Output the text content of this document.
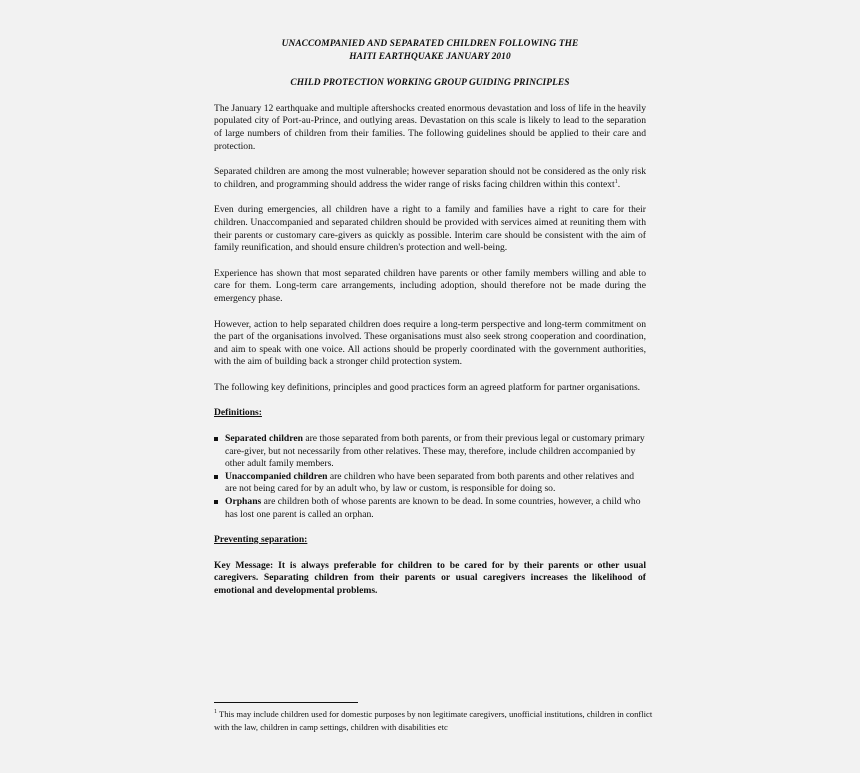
UNACCOMPANIED AND SEPARATED CHILDREN FOLLOWING THE
HAITI EARTHQUAKE JANUARY 2010
CHILD PROTECTION WORKING GROUP GUIDING PRINCIPLES

The January 12 earthquake and multiple aftershocks created enormous devastation and loss of life in the heavily populated city of Port-au-Prince, and outlying areas. Devastation on this scale is likely to lead to the separation of large numbers of children from their families. The following guidelines should be applied to their care and protection.

Separated children are among the most vulnerable; however separation should not be considered as the only risk to children, and programming should address the wider range of risks facing children within this context$^1$.

Even during emergencies, all children have a right to a family and families have a right to care for their children. Unaccompanied and separated children should be provided with services aimed at reuniting them with their parents or customary care-givers as quickly as possible. Interim care should be consistent with the aim of family reunification, and should ensure children's protection and well-being.

Experience has shown that most separated children have parents or other family members willing and able to care for them. Long-term care arrangements, including adoption, should therefore not be made during the emergency phase.

However, action to help separated children does require a long-term perspective and long-term commitment on the part of the organisations involved. These organisations must also seek strong cooperation and coordination, and aim to speak with one voice. All actions should be properly coordinated with the government authorities, with the aim of building back a stronger child protection system.

The following key definitions, principles and good practices form an agreed platform for partner organisations.

Definitions:
Separated children are those separated from both parents, or from their previous legal or customary primary care-giver, but not necessarily from other relatives. These may, therefore, include children accompanied by other adult family members.
Unaccompanied children are children who have been separated from both parents and other relatives and are not being cared for by an adult who, by law or custom, is responsible for doing so.
Orphans are children both of whose parents are known to be dead. In some countries, however, a child who has lost one parent is called an orphan.
Preventing separation:

Key Message: It is always preferable for children to be cared for by their parents or other usual caregivers. Separating children from their parents or usual caregivers increases the likelihood of emotional and developmental problems.

$^1$ This may include children used for domestic purposes by non legitimate caregivers, unofficial institutions, children in conflict with the law, children in camp settings, children with disabilities etc
